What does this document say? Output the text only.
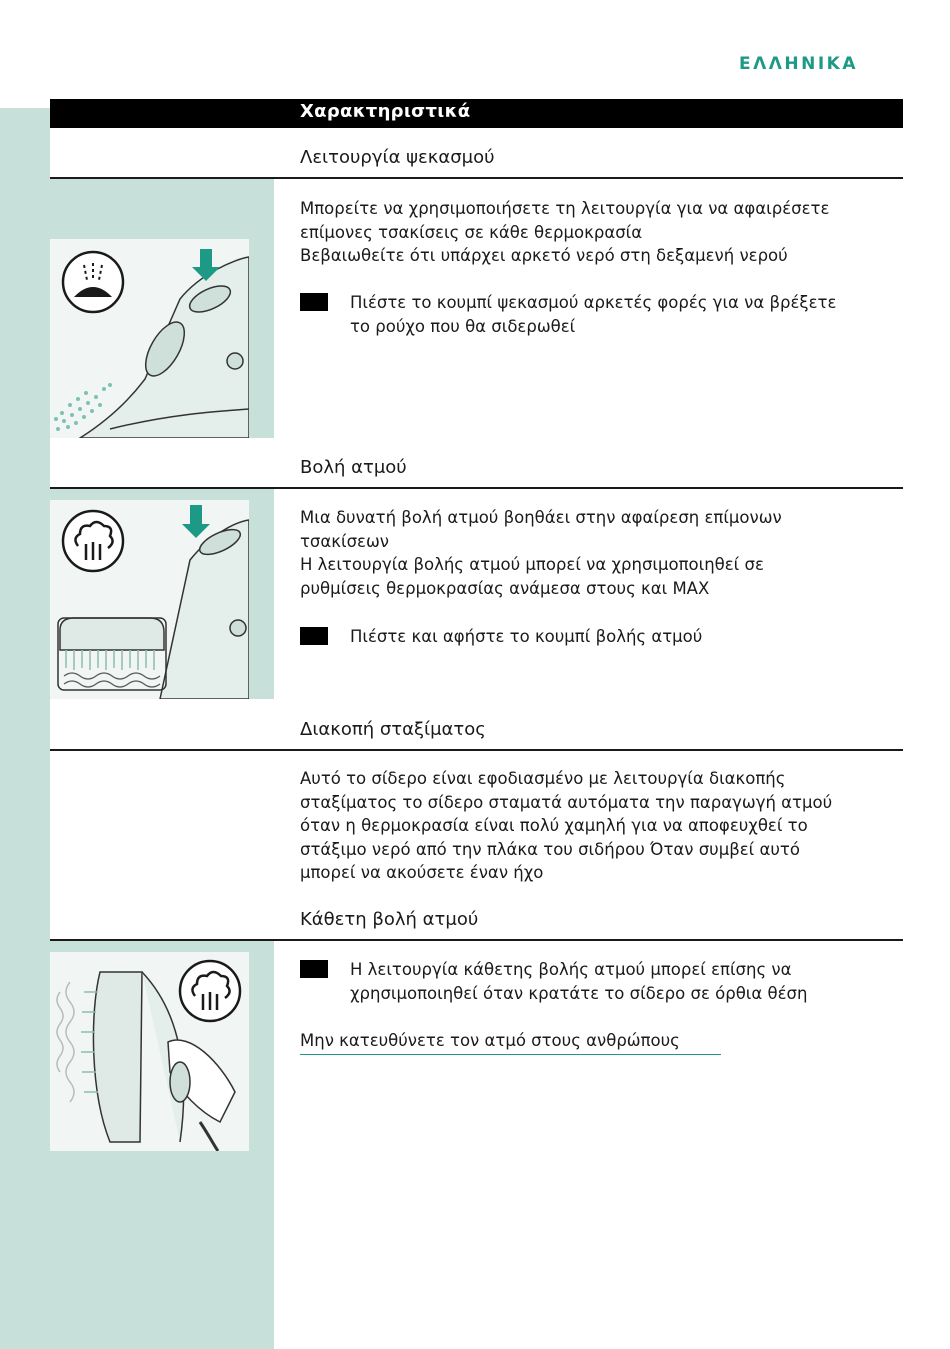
ΕΛΛΗΝΙΚΑ
Χαρακτηριστικά
Λειτουργία ψεκασμού
Μπορείτε να χρησιμοποιήσετε τη λειτουργία για να αφαιρέσετε
επίμονες τσακίσεις σε κάθε θερμοκρασία
Βεβαιωθείτε ότι υπάρχει αρκετό νερό στη δεξαμενή νερού
Πιέστε το κουμπί ψεκασμού αρκετές φορές για να βρέξετε
το ρούχο που θα σιδερωθεί
Βολή ατμού
Μια δυνατή βολή ατμού βοηθάει στην αφαίρεση επίμονων
τσακίσεων
Η λειτουργία βολής ατμού μπορεί να χρησιμοποιηθεί σε
ρυθμίσεις θερμοκρασίας ανάμεσα στους και MAX
Πιέστε και αφήστε το κουμπί βολής ατμού
Διακοπή σταξίματος
Αυτό το σίδερο είναι εφοδιασμένο με λειτουργία διακοπής
σταξίματος το σίδερο σταματά αυτόματα την παραγωγή ατμού
όταν η θερμοκρασία είναι πολύ χαμηλή για να αποφευχθεί το
στάξιμο νερό από την πλάκα του σιδήρου Όταν συμβεί αυτό
μπορεί να ακούσετε έναν ήχο
Κάθετη βολή ατμού
Η λειτουργία κάθετης βολής ατμού μπορεί επίσης να
χρησιμοποιηθεί όταν κρατάτε το σίδερο σε όρθια θέση
Μην κατευθύνετε τον ατμό στους ανθρώπους
